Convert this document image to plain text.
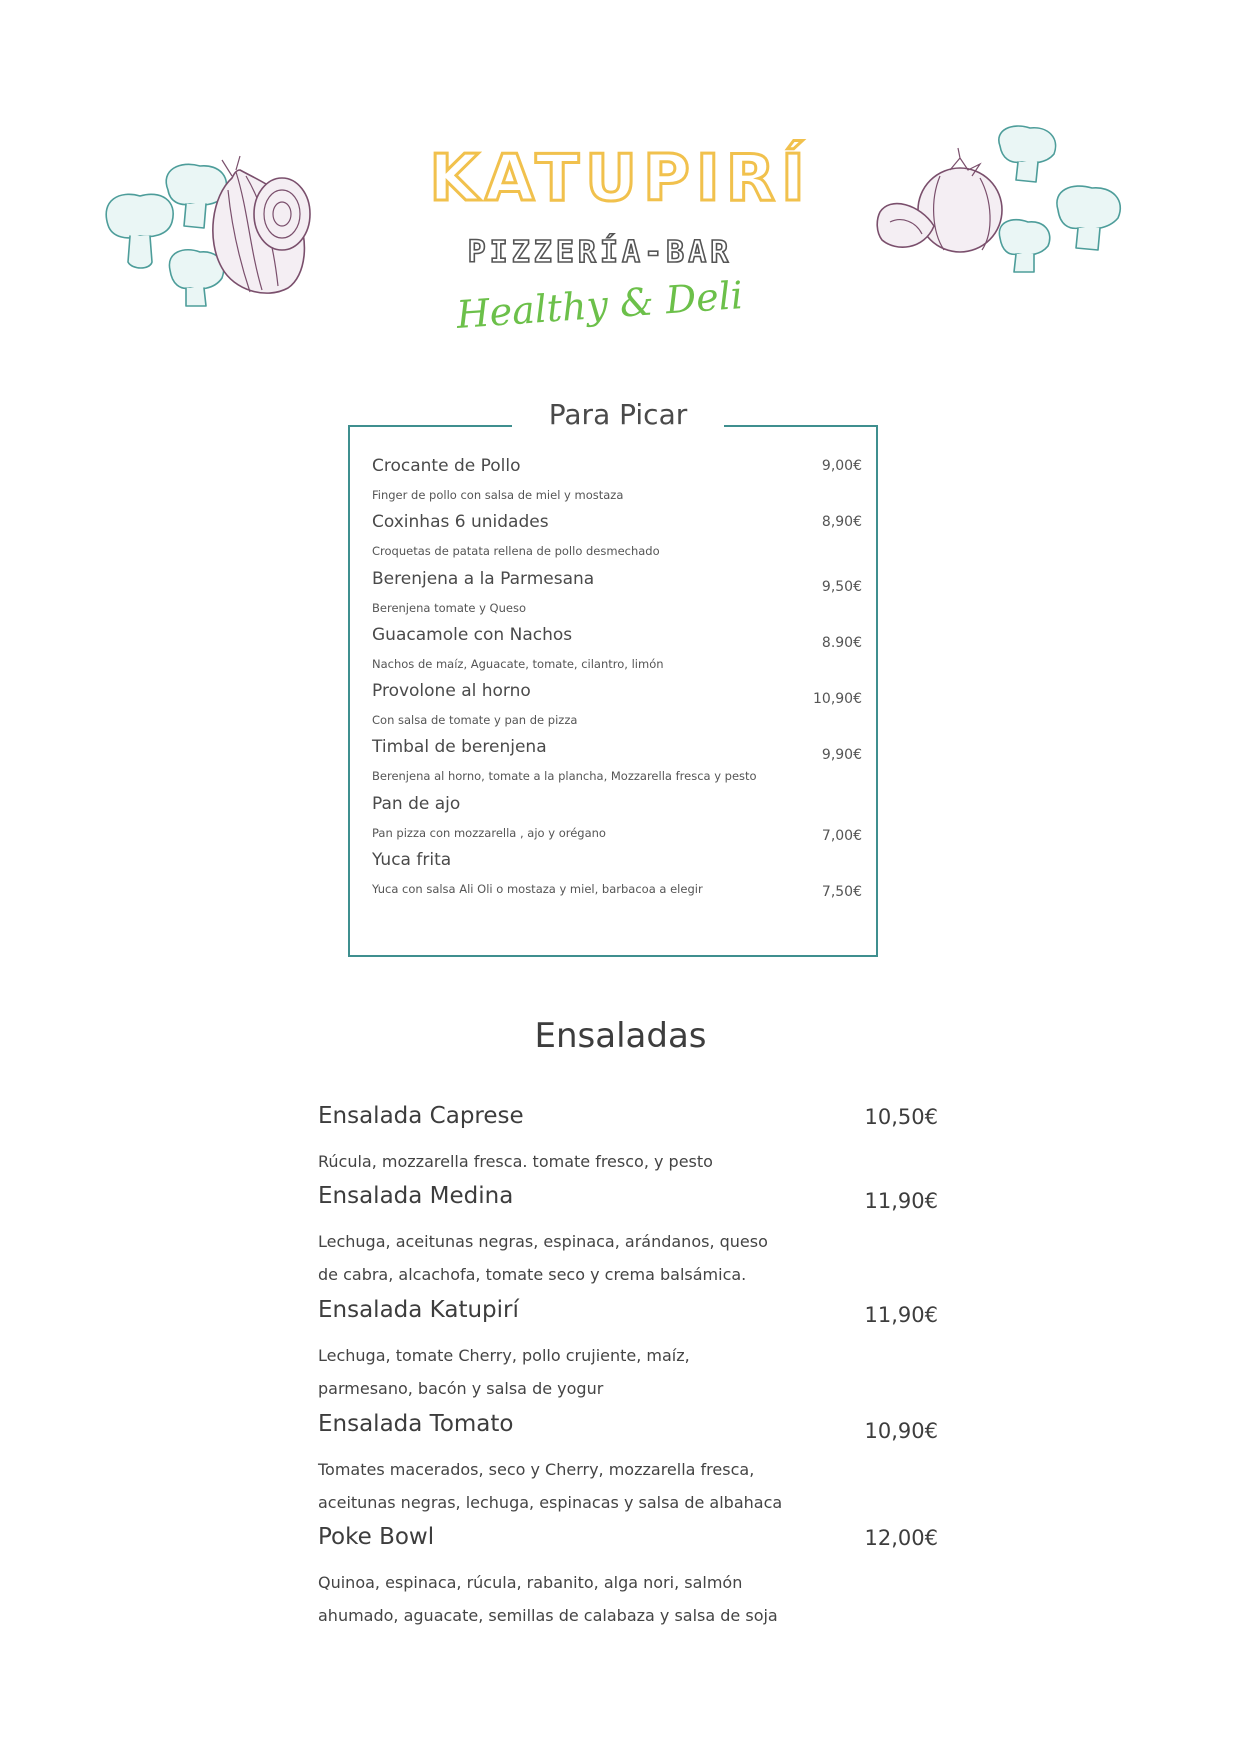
KATUPIRÍ
PIZZERÍA-BAR
Healthy & Deli
Para Picar
Crocante de Pollo
Finger de pollo con salsa de miel y mostaza
9,00€
Coxinhas 6 unidades
Croquetas de patata rellena de pollo desmechado
8,90€
Berenjena a la Parmesana
Berenjena tomate y Queso
9,50€
Guacamole con Nachos
Nachos de maíz, Aguacate, tomate, cilantro, limón
8.90€
Provolone al horno
Con salsa de tomate y pan de pizza
10,90€
Timbal de berenjena
Berenjena al horno, tomate a la plancha, Mozzarella fresca y pesto
9,90€
Pan de ajo
Pan pizza con mozzarella , ajo y orégano	7,00€
Yuca frita
Yuca con salsa Ali Oli o mostaza y miel, barbacoa a elegir	7,50€
Ensaladas
Ensalada Caprese
Rúcula, mozzarella fresca. tomate fresco, y pesto
10,50€
Ensalada Medina
Lechuga, aceitunas negras, espinaca, arándanos, queso
de cabra, alcachofa, tomate seco y crema balsámica.
11,90€
Ensalada Katupirí
Lechuga, tomate Cherry, pollo crujiente, maíz,
parmesano, bacón y salsa de yogur
11,90€
Ensalada Tomato
Tomates macerados, seco y Cherry, mozzarella fresca,
aceitunas negras, lechuga, espinacas y salsa de albahaca
10,90€
Poke Bowl
Quinoa, espinaca, rúcula, rabanito, alga nori, salmón
ahumado, aguacate, semillas de calabaza y salsa de soja
12,00€
